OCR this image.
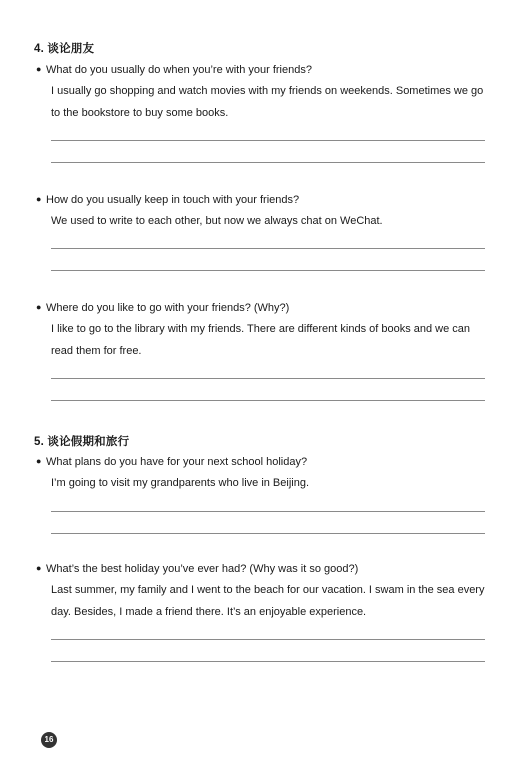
4. 谈论朋友
● What do you usually do when you’re with your friends?
I usually go shopping and watch movies with my friends on weekends. Sometimes we go to the bookstore to buy some books.
● How do you usually keep in touch with your friends?
We used to write to each other, but now we always chat on WeChat.
● Where do you like to go with your friends? (Why?)
I like to go to the library with my friends. There are different kinds of books and we can read them for free.
5. 谈论假期和旅行
● What plans do you have for your next school holiday?
I’m going to visit my grandparents who live in Beijing.
● What’s the best holiday you’ve ever had? (Why was it so good?)
Last summer, my family and I went to the beach for our vacation. I swam in the sea every day. Besides, I made a friend there. It’s an enjoyable experience.
16
